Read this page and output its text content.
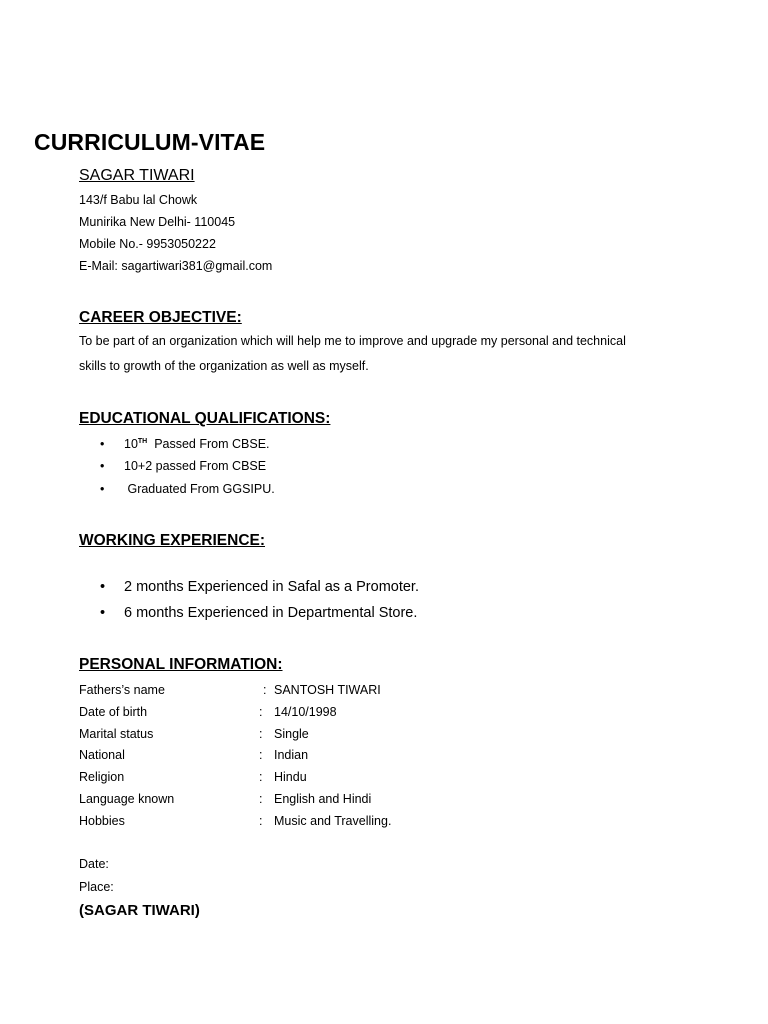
CURRICULUM-VITAE
SAGAR TIWARI
143/f Babu lal Chowk
Munirika New Delhi- 110045
Mobile No.- 9953050222
E-Mail: sagartiwari381@gmail.com
CAREER OBJECTIVE:
To be part of an organization which will help me to improve and upgrade my personal and technical
skills to growth of the organization as well as myself.
EDUCATIONAL QUALIFICATIONS:
• 10TH  Passed From CBSE.
• 10+2 passed From CBSE
• Graduated From GGSIPU.
WORKING EXPERIENCE:
• 2 months Experienced in Safal as a Promoter.
• 6 months Experienced in Departmental Store.
PERSONAL INFORMATION:
Fathers’s name	: SANTOSH TIWARI
Date of birth	: 14/10/1998
Marital status	: Single
National	: Indian
Religion	: Hindu
Language known	: English and Hindi
Hobbies	: Music and Travelling.
Date:
Place:
(SAGAR TIWARI)
